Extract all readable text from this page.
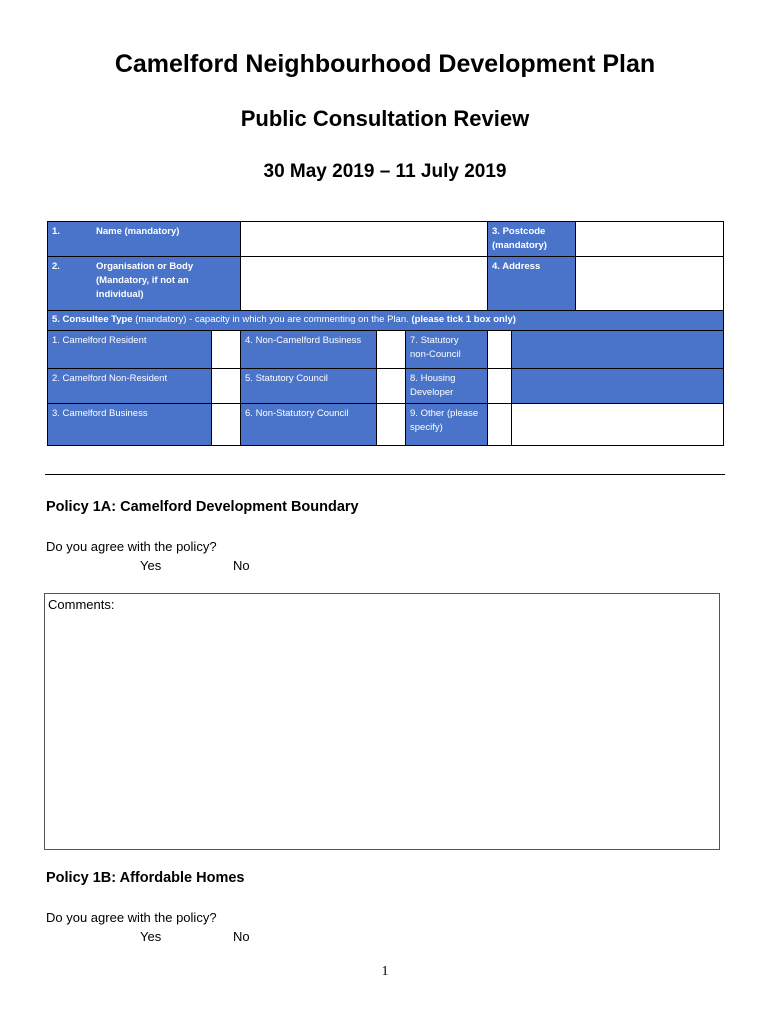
Camelford Neighbourhood Development Plan
Public Consultation Review
30 May 2019 – 11 July 2019
1. Name (mandatory)					3. Postcode (mandatory)		

2. Organisation or Body (Mandatory, if not an individual)					4. Address		
5. Consultee Type (mandatory) - capacity in which you are commenting on the Plan. (please tick 1 box only)							
1. Camelford Resident		4. Non-Camelford Business		7. Statutory non-Council			

2. Camelford Non-Resident		5. Statutory Council		8. Housing Developer			

3. Camelford Business		6. Non-Statutory Council		9. Other (please specify)			

Policy 1A: Camelford Development Boundary
Do you agree with the policy?
Yes	No
Comments:
Policy 1B: Affordable Homes
Do you agree with the policy?
Yes	No
1
